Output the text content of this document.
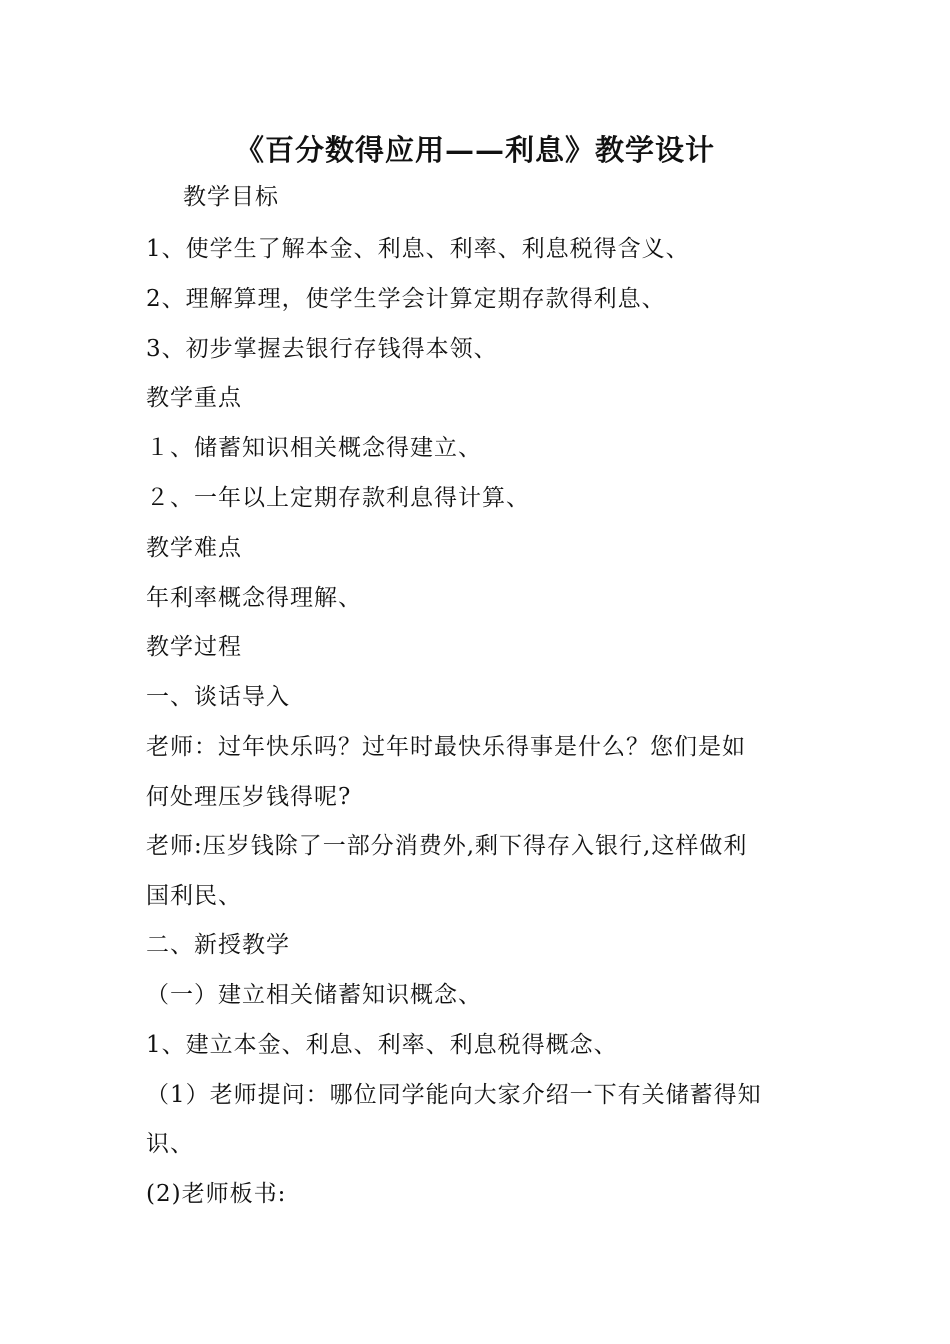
《百分数得应用——利息》教学设计
教学目标
1、使学生了解本金、利息、利率、利息税得含义、
2、理解算理，使学生学会计算定期存款得利息、
3、初步掌握去银行存钱得本领、
教学重点
１、储蓄知识相关概念得建立、
２、一年以上定期存款利息得计算、
教学难点
年利率概念得理解、
教学过程
一、谈话导入
老师：过年快乐吗？过年时最快乐得事是什么？您们是如
何处理压岁钱得呢?
老师:压岁钱除了一部分消费外,剩下得存入银行,这样做利
国利民、
二、新授教学
（一）建立相关储蓄知识概念、
1、建立本金、利息、利率、利息税得概念、
（1）老师提问：哪位同学能向大家介绍一下有关储蓄得知
识、
(2)老师板书:
